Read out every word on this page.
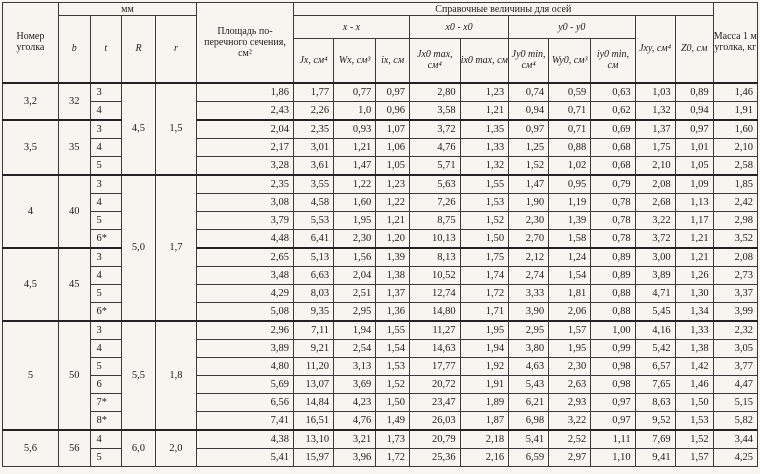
Номер уголка	мм				Площадь по-перечного сечения, см²	Справочные величины для осей										Масса 1 м уголка, кг
	b	t	R	r		x - x			x0 - x0		y0 - y0			Jxy, см⁴	Z0, см	
						Jx, см⁴	Wx, см³	ix, см	Jx0 max, см⁴	ix0 max, см	Jy0 min, см⁴	Wy0, см³	iy0 min, см			
3,2	32	3	4,5	1,5	1,86	1,77	0,77	0,97	2,80	1,23	0,74	0,59	0,63	1,03	0,89	1,46
		4			2,43	2,26	1,0	0,96	3,58	1,21	0,94	0,71	0,62	1,32	0,94	1,91
3,5	35	3			2,04	2,35	0,93	1,07	3,72	1,35	0,97	0,71	0,69	1,37	0,97	1,60
		4			2,17	3,01	1,21	1,06	4,76	1,33	1,25	0,88	0,68	1,75	1,01	2,10
		5			3,28	3,61	1,47	1,05	5,71	1,32	1,52	1,02	0,68	2,10	1,05	2,58
4	40	3	5,0	1,7	2,35	3,55	1,22	1,23	5,63	1,55	1,47	0,95	0,79	2,08	1,09	1,85
		4			3,08	4,58	1,60	1,22	7,26	1,53	1,90	1,19	0,78	2,68	1,13	2,42
		5			3,79	5,53	1,95	1,21	8,75	1,52	2,30	1,39	0,78	3,22	1,17	2,98
		6*			4,48	6,41	2,30	1,20	10,13	1,50	2,70	1,58	0,78	3,72	1,21	3,52
4,5	45	3			2,65	5,13	1,56	1,39	8,13	1,75	2,12	1,24	0,89	3,00	1,21	2,08
		4			3,48	6,63	2,04	1,38	10,52	1,74	2,74	1,54	0,89	3,89	1,26	2,73
		5			4,29	8,03	2,51	1,37	12,74	1,72	3,33	1,81	0,88	4,71	1,30	3,37
		6*			5,08	9,35	2,95	1,36	14,80	1,71	3,90	2,06	0,88	5,45	1,34	3,99
5	50	3	5,5	1,8	2,96	7,11	1,94	1,55	11,27	1,95	2,95	1,57	1,00	4,16	1,33	2,32
		4			3,89	9,21	2,54	1,54	14,63	1,94	3,80	1,95	0,99	5,42	1,38	3,05
		5			4,80	11,20	3,13	1,53	17,77	1,92	4,63	2,30	0,98	6,57	1,42	3,77
		6			5,69	13,07	3,69	1,52	20,72	1,91	5,43	2,63	0,98	7,65	1,46	4,47
		7*			6,56	14,84	4,23	1,50	23,47	1,89	6,21	2,93	0,97	8,63	1,50	5,15
		8*			7,41	16,51	4,76	1,49	26,03	1,87	6,98	3,22	0,97	9,52	1,53	5,82
5,6	56	4	6,0	2,0	4,38	13,10	3,21	1,73	20,79	2,18	5,41	2,52	1,11	7,69	1,52	3,44
		5			5,41	15,97	3,96	1,72	25,36	2,16	6,59	2,97	1,10	9,41	1,57	4,25
